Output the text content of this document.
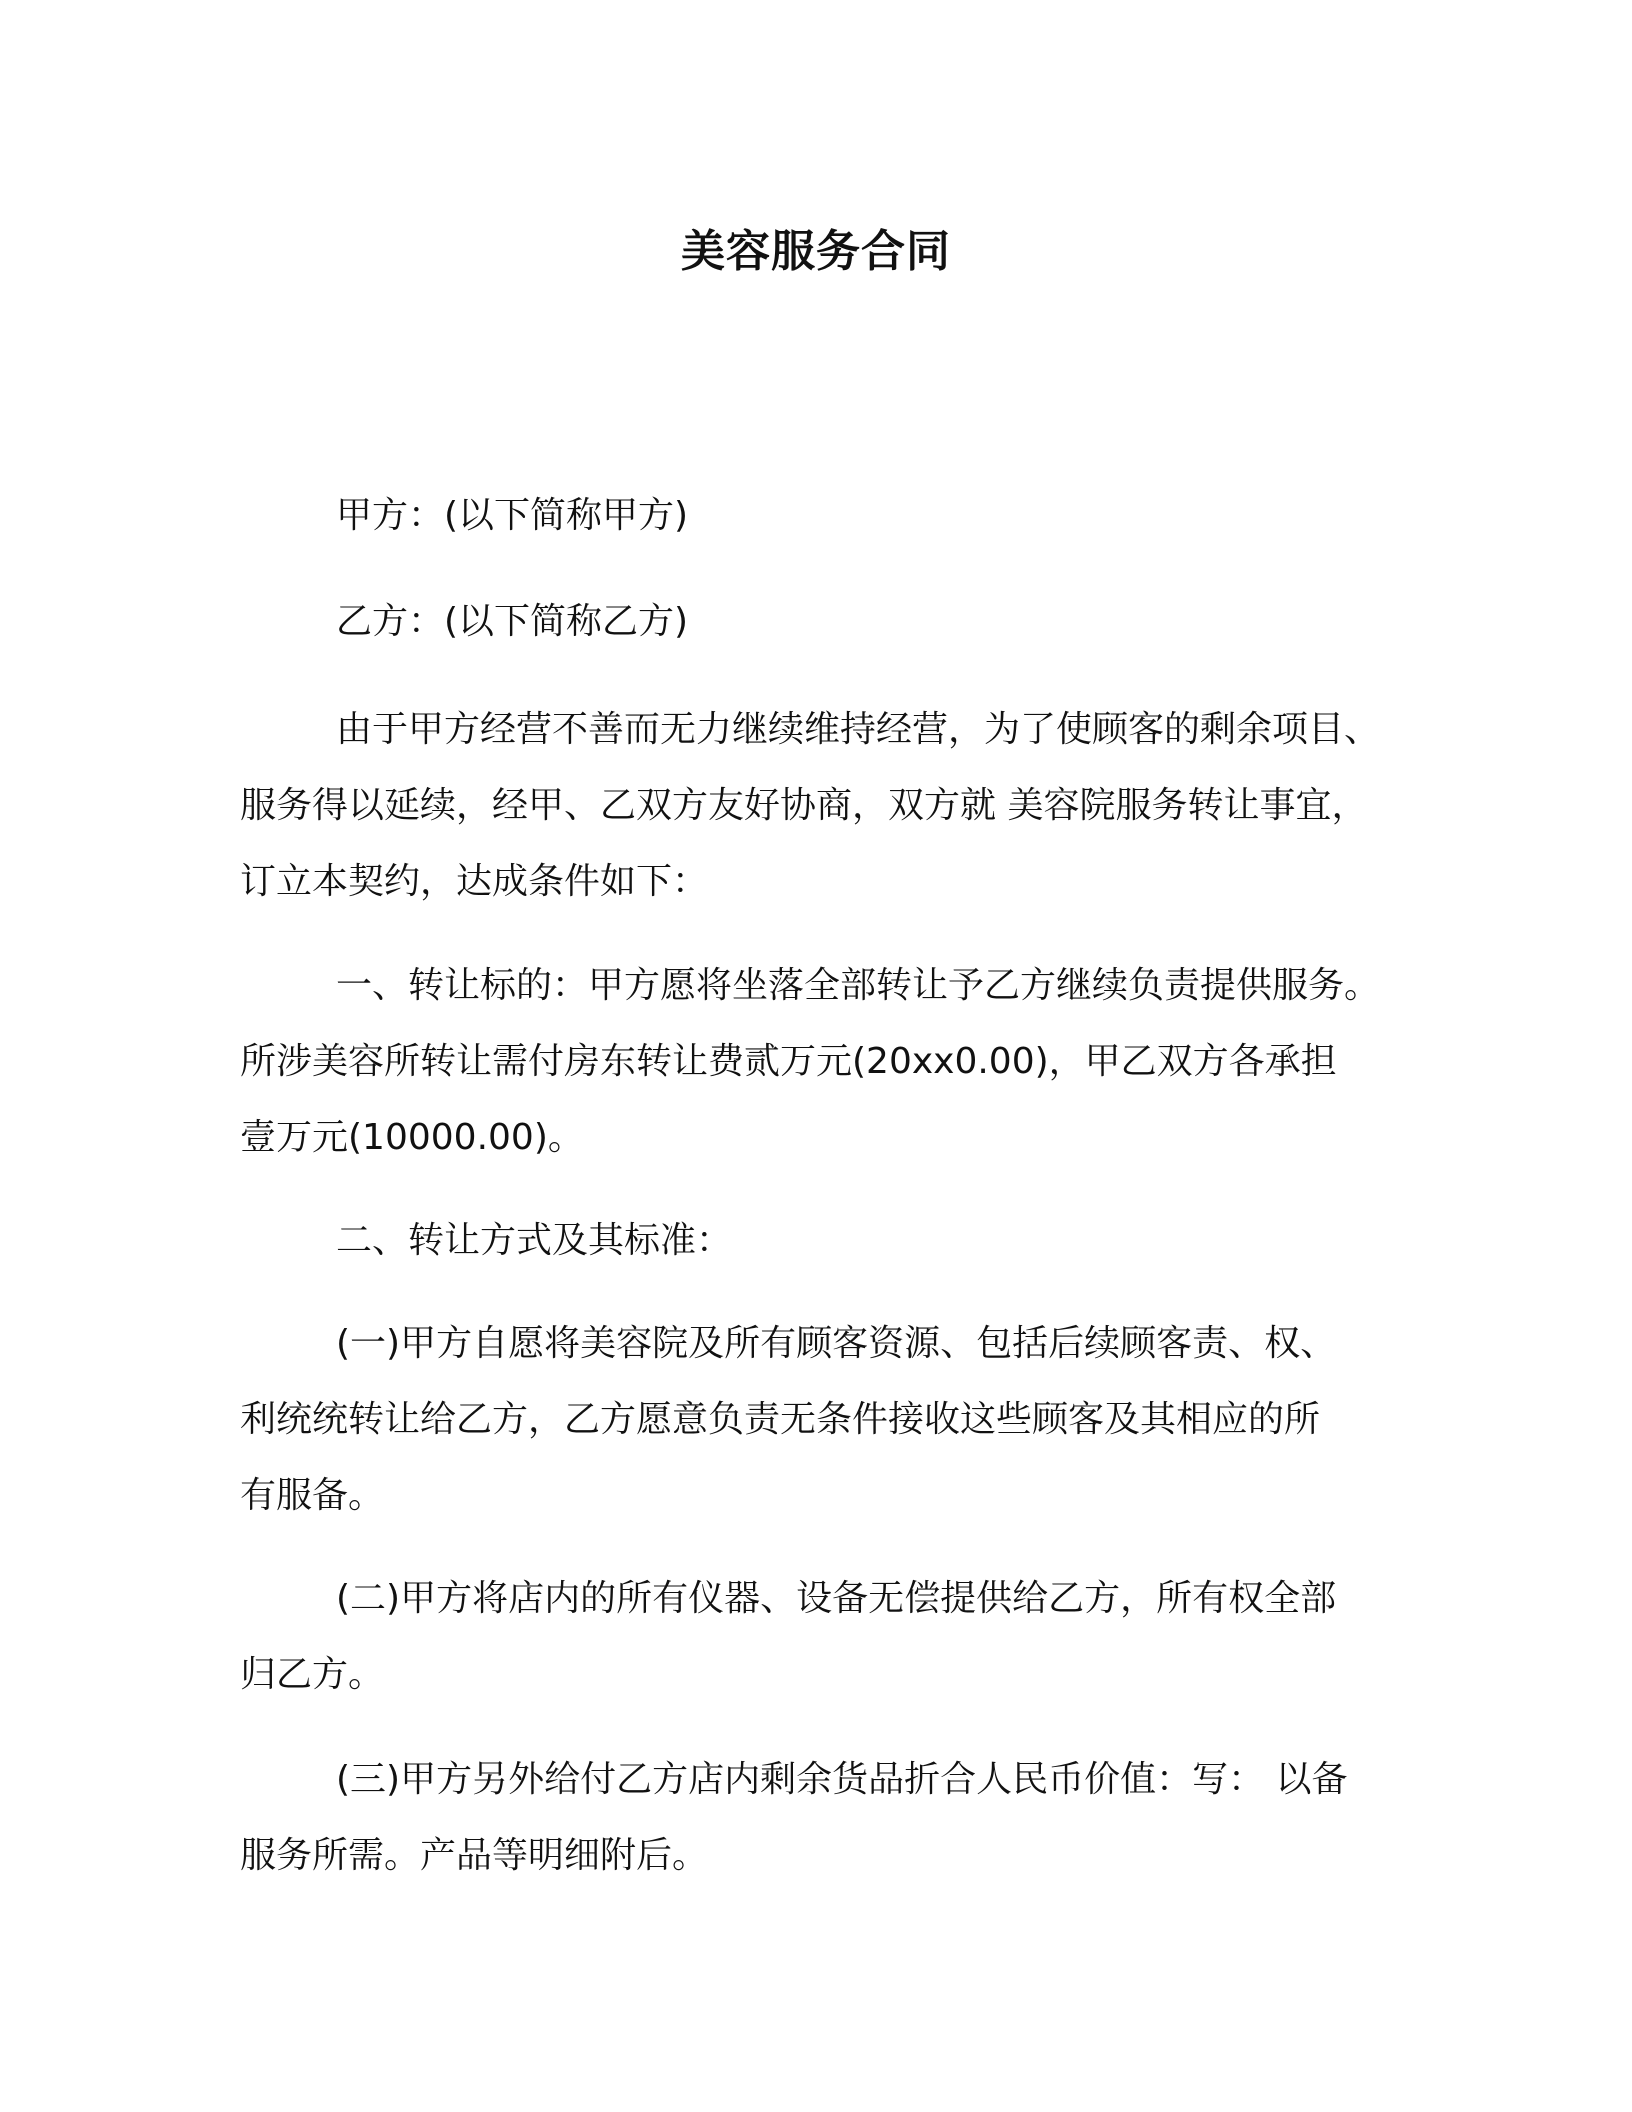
美容服务合同

甲方：(以下简称甲方)

乙方：(以下简称乙方)

由于甲方经营不善而无力继续维持经营，为了使顾客的剩余项目、
服务得以延续，经甲、乙双方友好协商，双方就 美容院服务转让事宜，
订立本契约，达成条件如下：

一、转让标的：甲方愿将坐落全部转让予乙方继续负责提供服务。
所涉美容所转让需付房东转让费贰万元(20xx0.00)，甲乙双方各承担
壹万元(10000.00)。

二、转让方式及其标准：

(一)甲方自愿将美容院及所有顾客资源、包括后续顾客责、权、
利统统转让给乙方，乙方愿意负责无条件接收这些顾客及其相应的所
有服备。

(二)甲方将店内的所有仪器、设备无偿提供给乙方，所有权全部
归乙方。

(三)甲方另外给付乙方店内剩余货品折合人民币价值：写： 以备
服务所需。产品等明细附后。
